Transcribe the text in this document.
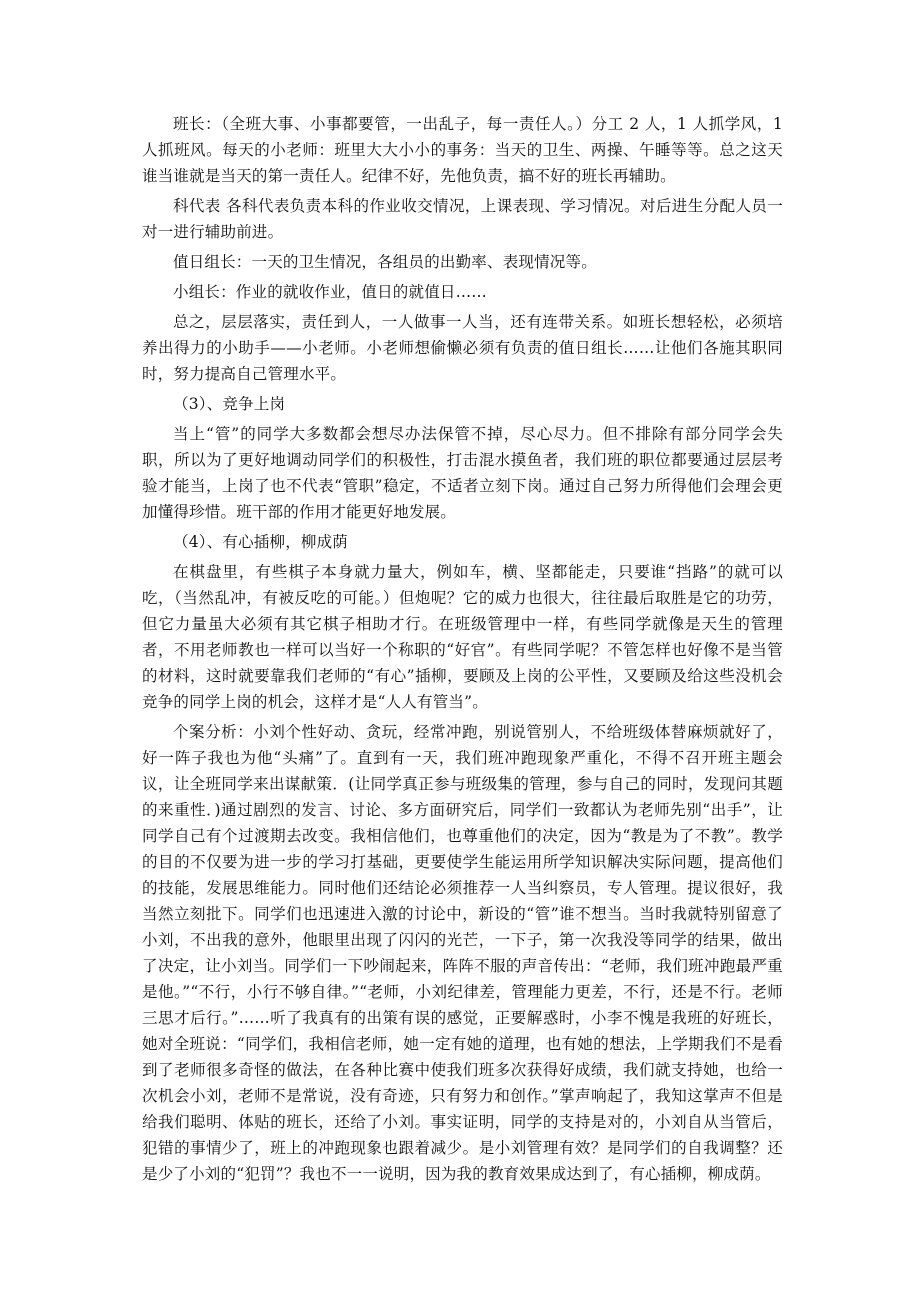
班长：（全班大事、小事都要管，一出乱子，每一责任人。）分工 2 人，1 人抓学风，1 人抓班风。每天的小老师：班里大大小小的事务：当天的卫生、两操、午睡等等。总之这天谁当谁就是当天的第一责任人。纪律不好，先他负责，搞不好的班长再辅助。

科代表 各科代表负责本科的作业收交情况，上课表现、学习情况。对后进生分配人员一对一进行辅助前进。

值日组长：一天的卫生情况，各组员的出勤率、表现情况等。

小组长：作业的就收作业，值日的就值日……

总之，层层落实，责任到人，一人做事一人当，还有连带关系。如班长想轻松，必须培养出得力的小助手——小老师。小老师想偷懒必须有负责的值日组长……让他们各施其职同时，努力提高自己管理水平。

（3）、竞争上岗

当上“管”的同学大多数都会想尽办法保管不掉，尽心尽力。但不排除有部分同学会失职，所以为了更好地调动同学们的积极性，打击混水摸鱼者，我们班的职位都要通过层层考验才能当，上岗了也不代表“管职”稳定，不适者立刻下岗。通过自己努力所得他们会理会更加懂得珍惜。班干部的作用才能更好地发展。

（4）、有心插柳，柳成荫

在棋盘里，有些棋子本身就力量大，例如车，横、坚都能走，只要谁“挡路”的就可以吃，（当然乱冲，有被反吃的可能。）但炮呢？它的威力也很大，往往最后取胜是它的功劳，但它力量虽大必须有其它棋子相助才行。在班级管理中一样，有些同学就像是天生的管理者，不用老师教也一样可以当好一个称职的“好官”。有些同学呢？不管怎样也好像不是当管的材料，这时就要靠我们老师的“有心”插柳，要顾及上岗的公平性，又要顾及给这些没机会竞争的同学上岗的机会，这样才是“人人有管当”。

个案分析：小刘个性好动、贪玩，经常冲跑，别说管别人，不给班级体替麻烦就好了，好一阵子我也为他“头痛”了。直到有一天，我们班冲跑现象严重化，不得不召开班主题会议，让全班同学来出谋献策．(让同学真正参与班级集的管理，参与自己的同时，发现问其题的来重性．)通过剧烈的发言、讨论、多方面研究后，同学们一致都认为老师先别“出手”，让同学自己有个过渡期去改变。我相信他们，也尊重他们的决定，因为“教是为了不教”。教学的目的不仅要为进一步的学习打基础，更要使学生能运用所学知识解决实际问题，提高他们的技能，发展思维能力。同时他们还结论必须推荐一人当纠察员，专人管理。提议很好，我当然立刻批下。同学们也迅速进入激的讨论中，新设的“管”谁不想当。当时我就特别留意了小刘，不出我的意外，他眼里出现了闪闪的光芒，一下子，第一次我没等同学的结果，做出了决定，让小刘当。同学们一下吵闹起来，阵阵不服的声音传出：“老师，我们班冲跑最严重是他。”“不行，小行不够自律。”“老师，小刘纪律差，管理能力更差，不行，还是不行。老师三思才后行。”……听了我真有的出策有误的感觉，正要解惑时，小李不愧是我班的好班长，她对全班说：“同学们，我相信老师，她一定有她的道理，也有她的想法，上学期我们不是看到了老师很多奇怪的做法，在各种比赛中使我们班多次获得好成绩，我们就支持她，也给一次机会小刘，老师不是常说，没有奇迹，只有努力和创作。”掌声响起了，我知这掌声不但是给我们聪明、体贴的班长，还给了小刘。事实证明，同学的支持是对的，小刘自从当管后，犯错的事情少了，班上的冲跑现象也跟着减少。是小刘管理有效？是同学们的自我调整？还是少了小刘的“犯罚”？我也不一一说明，因为我的教育效果成达到了，有心插柳，柳成荫。
